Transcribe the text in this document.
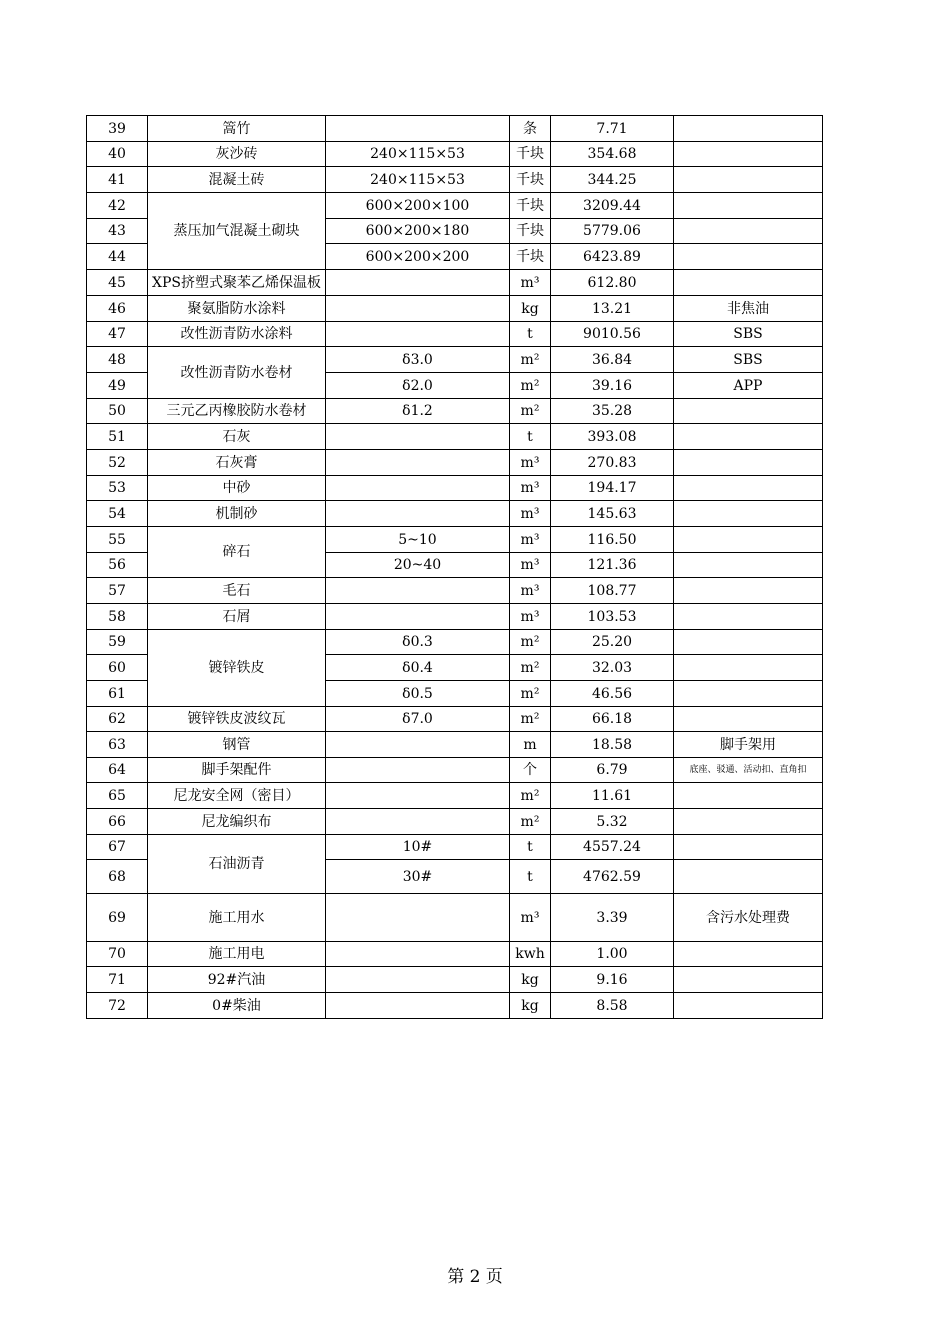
39	篙竹		条	7.71	
40	灰沙砖	240×115×53	千块	354.68	
41	混凝土砖	240×115×53	千块	344.25	
42	蒸压加气混凝土砌块	600×200×100	千块	3209.44	
43		600×200×180	千块	5779.06	
44		600×200×200	千块	6423.89	
45	XPS挤塑式聚苯乙烯保温板		m³	612.80	
46	聚氨脂防水涂料		kg	13.21	非焦油
47	改性沥青防水涂料		t	9010.56	SBS
48	改性沥青防水卷材	δ3.0	m²	36.84	SBS
49		δ2.0	m²	39.16	APP
50	三元乙丙橡胶防水卷材	δ1.2	m²	35.28	
51	石灰		t	393.08	
52	石灰膏		m³	270.83	
53	中砂		m³	194.17	
54	机制砂		m³	145.63	
55	碎石	5~10	m³	116.50	
56		20~40	m³	121.36	
57	毛石		m³	108.77	
58	石屑		m³	103.53	
59	镀锌铁皮	δ0.3	m²	25.20	
60		δ0.4	m²	32.03	
61		δ0.5	m²	46.56	
62	镀锌铁皮波纹瓦	δ7.0	m²	66.18	
63	钢管		m	18.58	脚手架用
64	脚手架配件		个	6.79	底座、驳通、活动扣、直角扣
65	尼龙安全网（密目）		m²	11.61	
66	尼龙编织布		m²	5.32	
67	石油沥青	10#	t	4557.24	
68		30#	t	4762.59	
69	施工用水		m³	3.39	含污水处理费
70	施工用电		kwh	1.00	
71	92#汽油		kg	9.16	
72	0#柴油		kg	8.58	
第 2 页
